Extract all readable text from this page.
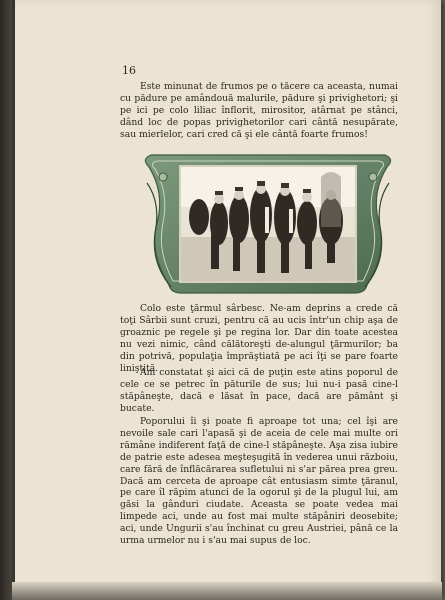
16

Este minunat de frumos pe o tăcere ca aceasta, numai cu pădure pe amândouă malurile, pădure şi privighetori; şi pe ici pe colo liliac înflorit, mirositor, atârnat pe stânci, dând loc de popas privighetorilor cari cântă nesupărate, sau mierlelor, cari cred că şi ele cântă foarte frumos!

Colo este ţărmul sârbesc. Ne-am deprins a crede că toţi Sârbii sunt cruzi, pentru că au ucis într'un chip aşa de groaznic pe regele şi pe regina lor. Dar din toate acestea nu vezi nimic, când călătoreşti de-alungul ţărmurilor; ba din potrivă, populaţia împrăştiată pe aci îţi se pare foarte liniştită.

Am constatat şi aici că de puţin este atins poporul de cele ce se petrec în păturile de sus; lui nu-i pasă cine-l stăpâneşte, dacă e lăsat în pace, dacă are pământ şi bucate.

Poporului îi şi poate fi aproape tot una; cel îşi are nevoile sale cari l'apasă şi de aceia de cele mai multe ori rămâne indiferent faţă de cine-l stăpâneşte. Aşa zisa iubire de patrie este adesea meşteşugită în vederea unui războiu, care fără de înflăcărarea sufletului ni s'ar părea prea greu. Dacă am cerceta de aproape cât entusiasm simte ţăranul, pe care îl răpim atunci de la ogorul şi de la plugul lui, am găsi la gânduri ciudate. Aceasta se poate vedea mai limpede aci, unde au fost mai multe stăpâniri deosebite; aci, unde Ungurii s'au închinat cu greu Austriei, până ce la urma urmelor nu i s'au mai supus de loc.
